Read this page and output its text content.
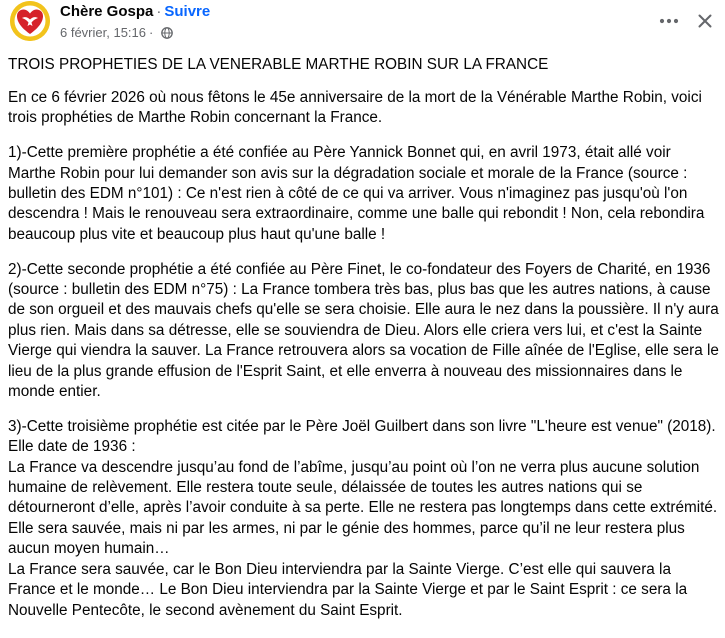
Chère Gospa · Suivre
6 février, 15:16 ·

TROIS PROPHETIES DE LA VENERABLE MARTHE ROBIN SUR LA FRANCE

En ce 6 février 2026 où nous fêtons le 45e anniversaire de la mort de la Vénérable Marthe Robin, voici trois prophéties de Marthe Robin concernant la France.

1)-Cette première prophétie a été confiée au Père Yannick Bonnet qui, en avril 1973, était allé voir Marthe Robin pour lui demander son avis sur la dégradation sociale et morale de la France (source : bulletin des EDM n°101) : Ce n'est rien à côté de ce qui va arriver. Vous n'imaginez pas jusqu'où l'on descendra ! Mais le renouveau sera extraordinaire, comme une balle qui rebondit ! Non, cela rebondira beaucoup plus vite et beaucoup plus haut qu'une balle !

2)-Cette seconde prophétie a été confiée au Père Finet, le co-fondateur des Foyers de Charité, en 1936 (source : bulletin des EDM n°75) : La France tombera très bas, plus bas que les autres nations, à cause de son orgueil et des mauvais chefs qu'elle se sera choisie. Elle aura le nez dans la poussière. Il n'y aura plus rien. Mais dans sa détresse, elle se souviendra de Dieu. Alors elle criera vers lui, et c'est la Sainte Vierge qui viendra la sauver. La France retrouvera alors sa vocation de Fille aînée de l'Eglise, elle sera le lieu de la plus grande effusion de l'Esprit Saint, et elle enverra à nouveau des missionnaires dans le monde entier.

3)-Cette troisième prophétie est citée par le Père Joël Guilbert dans son livre "L'heure est venue" (2018). Elle date de 1936 :
La France va descendre jusqu’au fond de l’abîme, jusqu’au point où l’on ne verra plus aucune solution humaine de relèvement. Elle restera toute seule, délaissée de toutes les autres nations qui se détourneront d’elle, après l’avoir conduite à sa perte. Elle ne restera pas longtemps dans cette extrémité. Elle sera sauvée, mais ni par les armes, ni par le génie des hommes, parce qu’il ne leur restera plus aucun moyen humain…
La France sera sauvée, car le Bon Dieu interviendra par la Sainte Vierge. C’est elle qui sauvera la France et le monde… Le Bon Dieu interviendra par la Sainte Vierge et par le Saint Esprit : ce sera la Nouvelle Pentecôte, le second avènement du Saint Esprit.
